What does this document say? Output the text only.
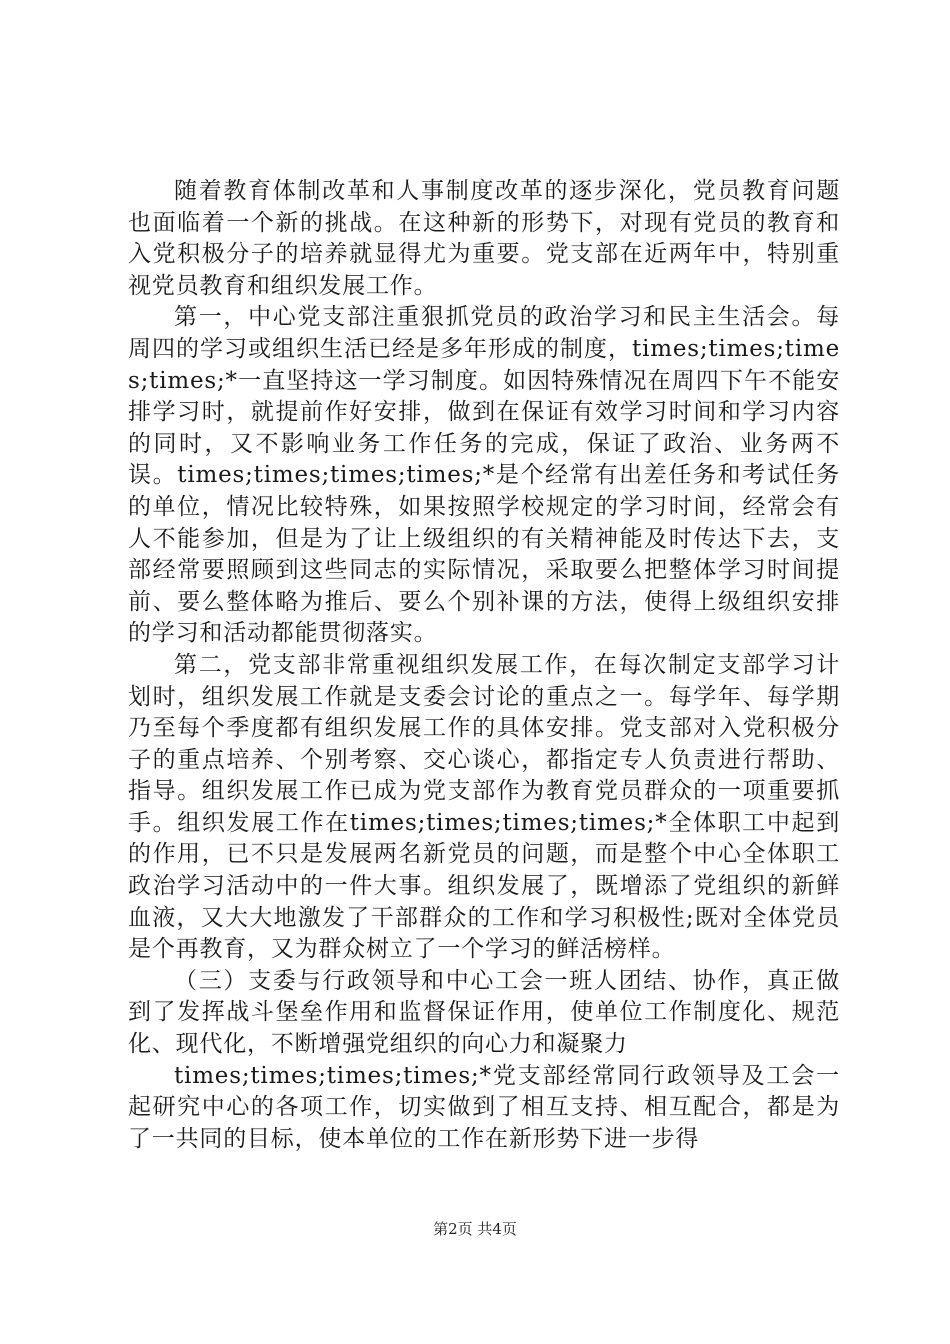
随着教育体制改革和人事制度改革的逐步深化，党员教育问题也面临着一个新的挑战。在这种新的形势下，对现有党员的教育和入党积极分子的培养就显得尤为重要。党支部在近两年中，特别重视党员教育和组织发展工作。

第一，中心党支部注重狠抓党员的政治学习和民主生活会。每周四的学习或组织生活已经是多年形成的制度，times;times;times;times;*一直坚持这一学习制度。如因特殊情况在周四下午不能安排学习时，就提前作好安排，做到在保证有效学习时间和学习内容的同时，又不影响业务工作任务的完成，保证了政治、业务两不误。times;times;times;times;*是个经常有出差任务和考试任务的单位，情况比较特殊，如果按照学校规定的学习时间，经常会有人不能参加，但是为了让上级组织的有关精神能及时传达下去，支部经常要照顾到这些同志的实际情况，采取要么把整体学习时间提前、要么整体略为推后、要么个别补课的方法，使得上级组织安排的学习和活动都能贯彻落实。

第二，党支部非常重视组织发展工作，在每次制定支部学习计划时，组织发展工作就是支委会讨论的重点之一。每学年、每学期乃至每个季度都有组织发展工作的具体安排。党支部对入党积极分子的重点培养、个别考察、交心谈心，都指定专人负责进行帮助、指导。组织发展工作已成为党支部作为教育党员群众的一项重要抓手。组织发展工作在times;times;times;times;*全体职工中起到的作用，已不只是发展两名新党员的问题，而是整个中心全体职工政治学习活动中的一件大事。组织发展了，既增添了党组织的新鲜血液，又大大地激发了干部群众的工作和学习积极性;既对全体党员是个再教育，又为群众树立了一个学习的鲜活榜样。

（三）支委与行政领导和中心工会一班人团结、协作，真正做到了发挥战斗堡垒作用和监督保证作用，使单位工作制度化、规范化、现代化，不断增强党组织的向心力和凝聚力

times;times;times;times;*党支部经常同行政领导及工会一起研究中心的各项工作，切实做到了相互支持、相互配合，都是为了一共同的目标，使本单位的工作在新形势下进一步得

第2页 共4页
